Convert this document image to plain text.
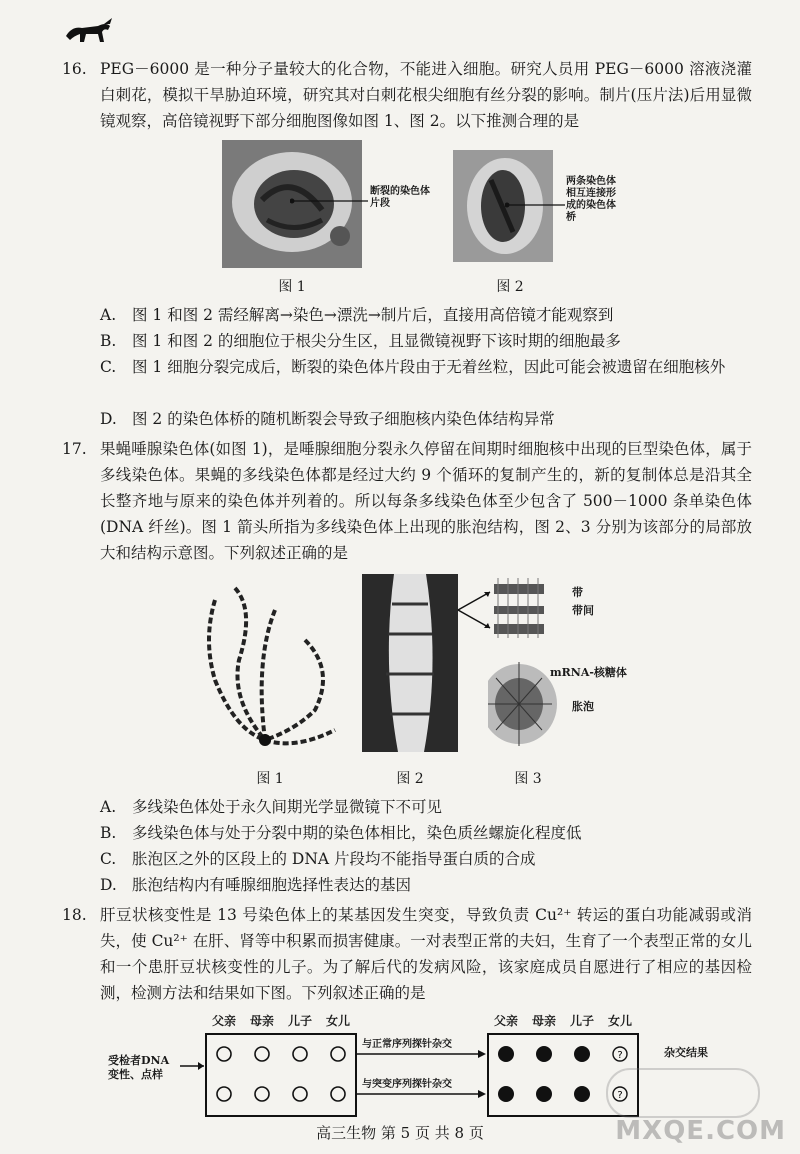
16. PEG－6000 是一种分子量较大的化合物，不能进入细胞。研究人员用 PEG－6000 溶液浇灌白刺花，模拟干旱胁迫环境，研究其对白刺花根尖细胞有丝分裂的影响。制片(压片法)后用显微镜观察，高倍镜视野下部分细胞图像如图 1、图 2。以下推测合理的是
断裂的染色体片段
图 1
两条染色体相互连接形成的染色体桥
图 2
A. 图 1 和图 2 需经解离→染色→漂洗→制片后，直接用高倍镜才能观察到
B. 图 1 和图 2 的细胞位于根尖分生区，且显微镜视野下该时期的细胞最多
C. 图 1 细胞分裂完成后，断裂的染色体片段由于无着丝粒，因此可能会被遗留在细胞核外
D. 图 2 的染色体桥的随机断裂会导致子细胞核内染色体结构异常
17. 果蝇唾腺染色体(如图 1)，是唾腺细胞分裂永久停留在间期时细胞核中出现的巨型染色体，属于多线染色体。果蝇的多线染色体都是经过大约 9 个循环的复制产生的，新的复制体总是沿其全长整齐地与原来的染色体并列着的。所以每条多线染色体至少包含了 500－1000 条单染色体(DNA 纤丝)。图 1 箭头所指为多线染色体上出现的胀泡结构，图 2、3 分别为该部分的局部放大和结构示意图。下列叙述正确的是
图 1	图 2
带
带间
mRNA-核糖体
胀泡
图 3
A. 多线染色体处于永久间期光学显微镜下不可见
B. 多线染色体与处于分裂中期的染色体相比，染色质丝螺旋化程度低
C. 胀泡区之外的区段上的 DNA 片段均不能指导蛋白质的合成
D. 胀泡结构内有唾腺细胞选择性表达的基因
18. 肝豆状核变性是 13 号染色体上的某基因发生突变，导致负责 Cu²⁺ 转运的蛋白功能减弱或消失，使 Cu²⁺ 在肝、肾等中积累而损害健康。一对表型正常的夫妇，生育了一个表型正常的女儿和一个患肝豆状核变性的儿子。为了解后代的发病风险，该家庭成员自愿进行了相应的基因检测，检测方法和结果如下图。下列叙述正确的是
父亲 母亲 儿子 女儿	父亲 母亲 儿子 女儿
受检者DNA变性、点样
?
?
与正常序列探针杂交
与突变序列探针杂交
杂交结果
高三生物 第 5 页 共 8 页	MXQE.COM
